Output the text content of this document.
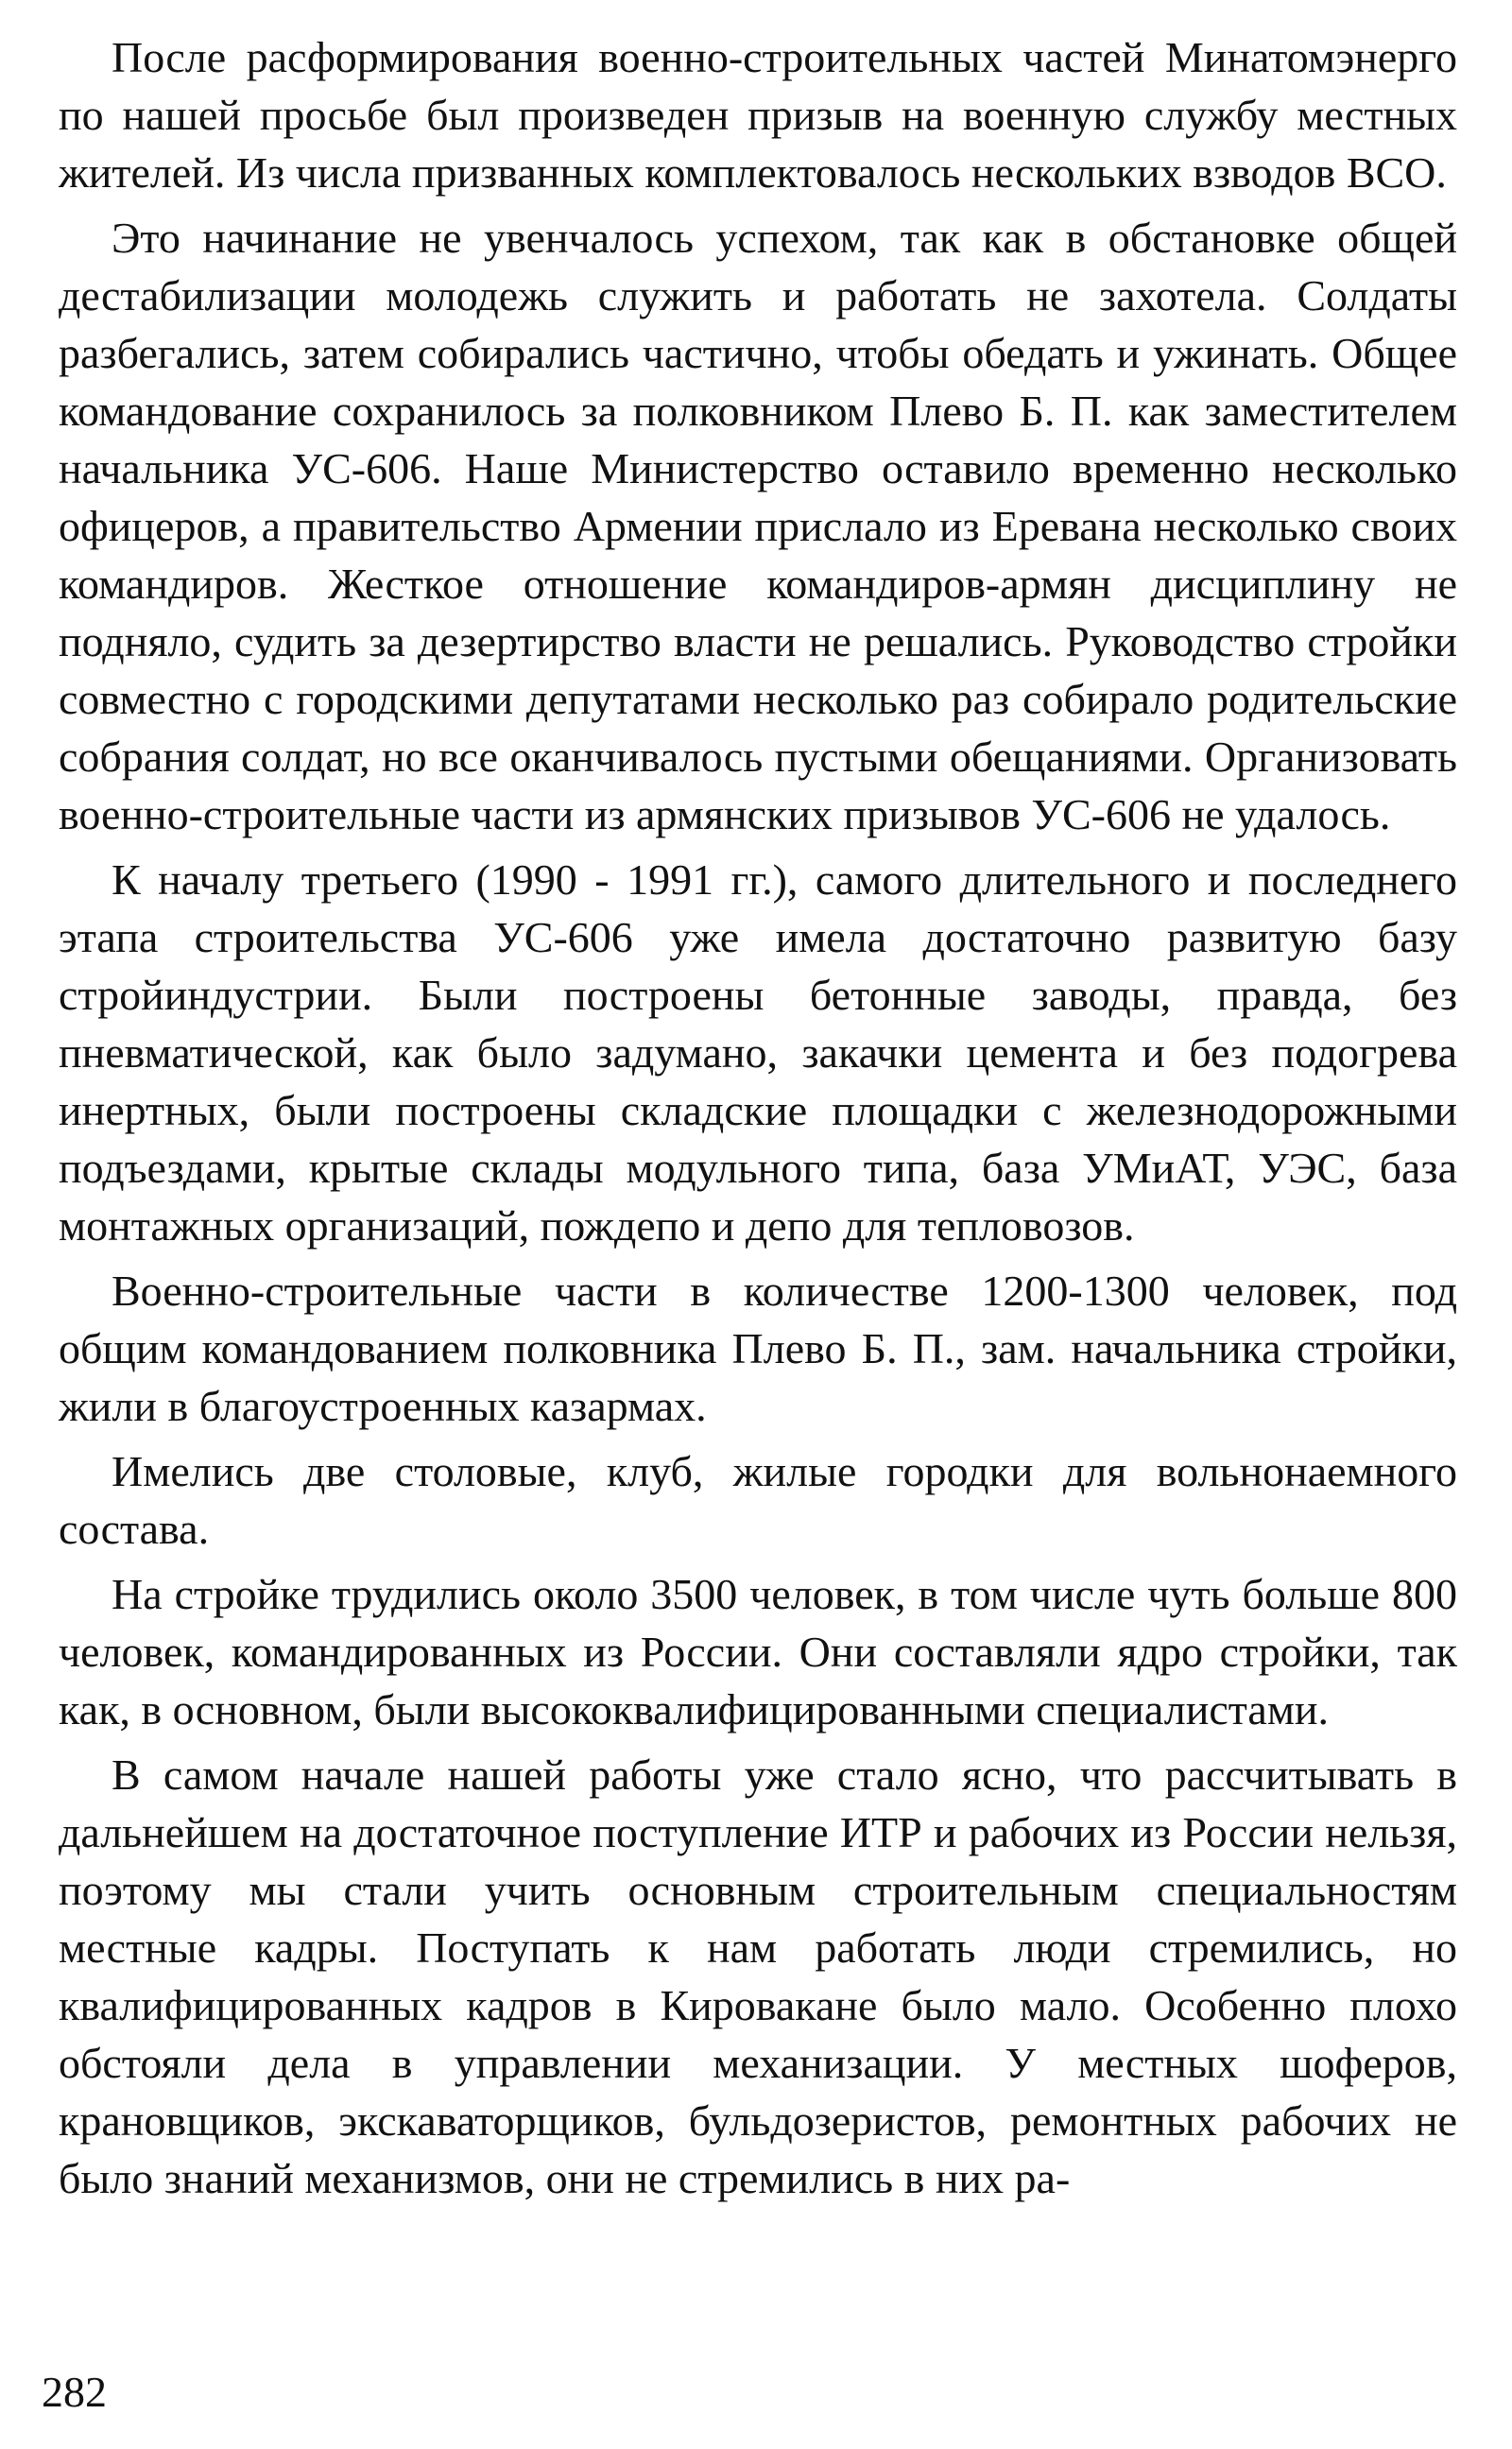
После расформирования военно-строительных частей Минатомэнерго по нашей просьбе был произведен призыв на военную службу местных жителей. Из числа призванных комплектовалось нескольких взводов ВСО.

Это начинание не увенчалось успехом, так как в обстановке общей дестабилизации молодежь служить и работать не захотела. Солдаты разбегались, затем собирались частично, чтобы обедать и ужинать. Общее командование сохранилось за полковником Плево Б. П. как заместителем начальника УС-606. Наше Министерство оставило временно несколько офицеров, а правительство Армении прислало из Еревана несколько своих командиров. Жесткое отношение командиров-армян дисциплину не подняло, судить за дезертирство власти не решались. Руководство стройки совместно с городскими депутатами несколько раз собирало родительские собрания солдат, но все оканчивалось пустыми обещаниями. Организовать военно-строительные части из армянских призывов УС-606 не удалось.

К началу третьего (1990 - 1991 гг.), самого длительного и последнего этапа строительства УС-606 уже имела достаточно развитую базу стройиндустрии. Были построены бетонные заводы, правда, без пневматической, как было задумано, закачки цемента и без подогрева инертных, были построены складские площадки с железнодорожными подъездами, крытые склады модульного типа, база УМиАТ, УЭС, база монтажных организаций, пождепо и депо для тепловозов.

Военно-строительные части в количестве 1200-1300 человек, под общим командованием полковника Плево Б. П., зам. начальника стройки, жили в благоустроенных казармах.

Имелись две столовые, клуб, жилые городки для вольнонаемного состава.

На стройке трудились около 3500 человек, в том числе чуть больше 800 человек, командированных из России. Они составляли ядро стройки, так как, в основном, были высококвалифицированными специалистами.

В самом начале нашей работы уже стало ясно, что рассчитывать в дальнейшем на достаточное поступление ИТР и рабочих из России нельзя, поэтому мы стали учить основным строительным специальностям местные кадры. Поступать к нам работать люди стремились, но квалифицированных кадров в Кировакане было мало. Особенно плохо обстояли дела в управлении механизации. У местных шоферов, крановщиков, экскаваторщиков, бульдозеристов, ремонтных рабочих не было знаний механизмов, они не стремились в них ра-

282
